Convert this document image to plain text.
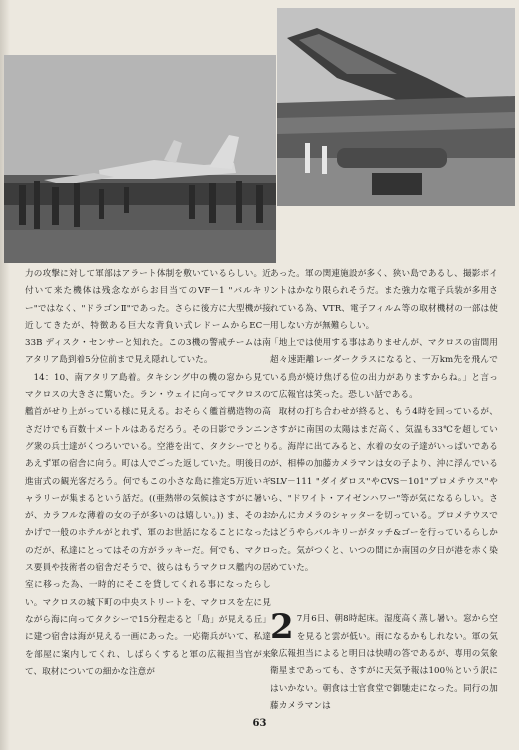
力の攻撃に対して軍部はアラート体制を敷いているらしい。近付いて来た機体は残念ながらお目当てのVF－1 "バルキリー"ではなく、"ドラゴンⅡ"であった。さらに後方に大型機が接近してきたが、特徴ある巨大な背負い式レドームからEC－33B ディスク・センサーと知れた。この3機の警戒チームは南アタリア島到着5分位前まで見え隠れしていた。

14：10、南アタリア島着。タキシング中の機の窓から見てマクロスの大きさに驚いた。ラン・ウェイに向ってマクロスの艦首がせり上がっている様に見える。おそらく艦首構造物の高さだけでも百数十メートルはあるだろう。その日影でランニング衆の兵士達がくつろいでいる。空港を出て、タクシーでとりあえず軍の宿舎に向う。町は人でごった返していた。明後日の進宙式の観光客だろう。何でもこの小さな島に推定5万近いギャラリーが集まるという話だ。((亜熱帯の気候はさすがに暑いが、カラフルな薄着の女の子が多いのは嬉しい。)) ま、そのおかげで一般のホテルがとれず、軍のお世話になることになったのだが、私達にとってはその方がラッキーだ。何でも、マクロス要員や技術者の宿舎だそうで、彼らはもうマクロス艦内の居室に移った為、一時的にそこを貸してくれる事になったらしい。マクロスの城下町の中央ストリートを、マクロスを左に見ながら海に向ってタクシーで15分程走ると「島」が見える丘」に建つ宿舎は海が見える一画にあった。一応衛兵がいて、私達を部屋に案内してくれ、しばらくすると軍の広報担当官が来て、取材についての細かな注意が

あった。軍の関連施設が多く、狭い島であるし、撮影ポイントはかなり限られそうだ。また強力な電子兵装が多用されている為、VTR、電子フィルム等の取材機材の一部は使用しない方が無難らしい。

「地上では使用する事はありませんが、マクロスの宙間用超々速距離レーダークラスになると、一万km先を飛んでいる鳥が焼け焦げる位の出力がありますからね。」と言って広報官は笑った。恐しい話である。

取材の打ち合わせが終ると、もう4時を回っているが、さすがに南国の太陽はまだ高く、気温も33℃を超している。海岸に出てみると、水着の女の子達がいっぱいであるが、相棒の加藤カメラマンは女の子より、沖に浮んでいるSLV－111 "ダイダロス"やCVS－101"プロメテウス"やら、"ドワイト・アイゼンハワー"等が気になるらしい。さかんにカメラのシャッターを切っている。プロメテウスではどうやらバルキリーがタッチ&ゴーを行っているらしかった。気がつくと、いつの間にか南国の夕日が港を赤く染めていた。

2 7月6日、朝8時起床。湿度高く蒸し暑い。窓から空を見ると雲が低い。雨になるかもしれない。軍の気象広報担当によると明日は快晴の答であるが、専用の気象衛星まであっても、さすがに天気予報は100％という訳にはいかない。朝食は士官食堂で御馳走になった。同行の加藤カメラマンは

63
